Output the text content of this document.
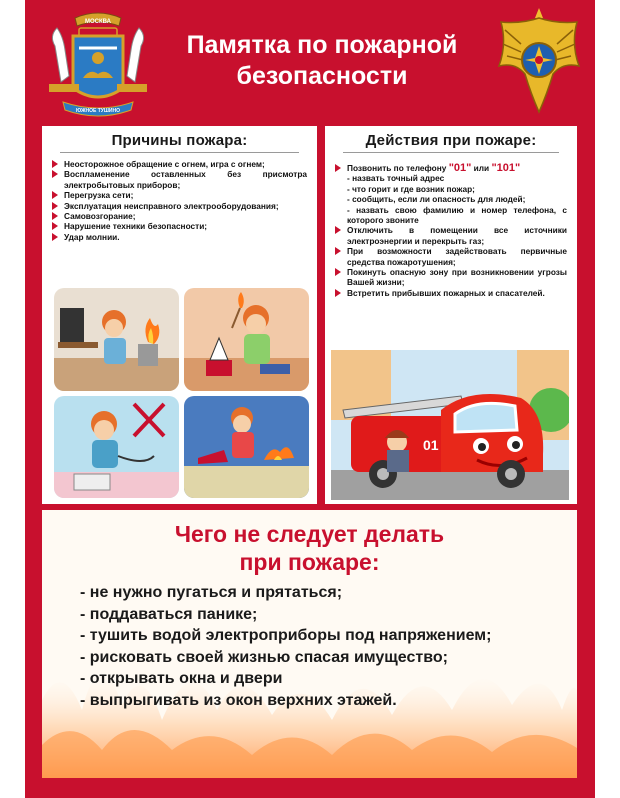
МОСКВА
ЮЖНОЕ ТУШИНО
Памятка по пожарной
безопасности
Причины пожара:
Неосторожное обращение с огнем, игра с огнем;
Воспламенение оставленных без присмотра электробытовых приборов;
Перегрузка сети;
Эксплуатация неисправного электрооборудования;
Самовозгорание;
Нарушение техники безопасности;
Удар молнии.
Действия при пожаре:
Позвонить по телефону "01" или "101"
- назвать точный адрес
- что горит и где возник пожар;
- сообщить, если ли опасность для людей;
- назвать свою фамилию и номер телефона, с которого звоните
Отключить в помещении все источники электроэнергии и перекрыть газ;
При возможности задействовать первичные средства пожаротушения;
Покинуть опасную зону при возникновении угрозы Вашей жизни;
Встретить прибывших пожарных и спасателей.
01
Чего не следует делать
при пожаре:
- не нужно пугаться и прятаться;
- поддаваться панике;
- тушить водой электроприборы под напряжением;
- рисковать своей жизнью спасая имущество;
- открывать окна и двери
- выпрыгивать из окон верхних этажей.
